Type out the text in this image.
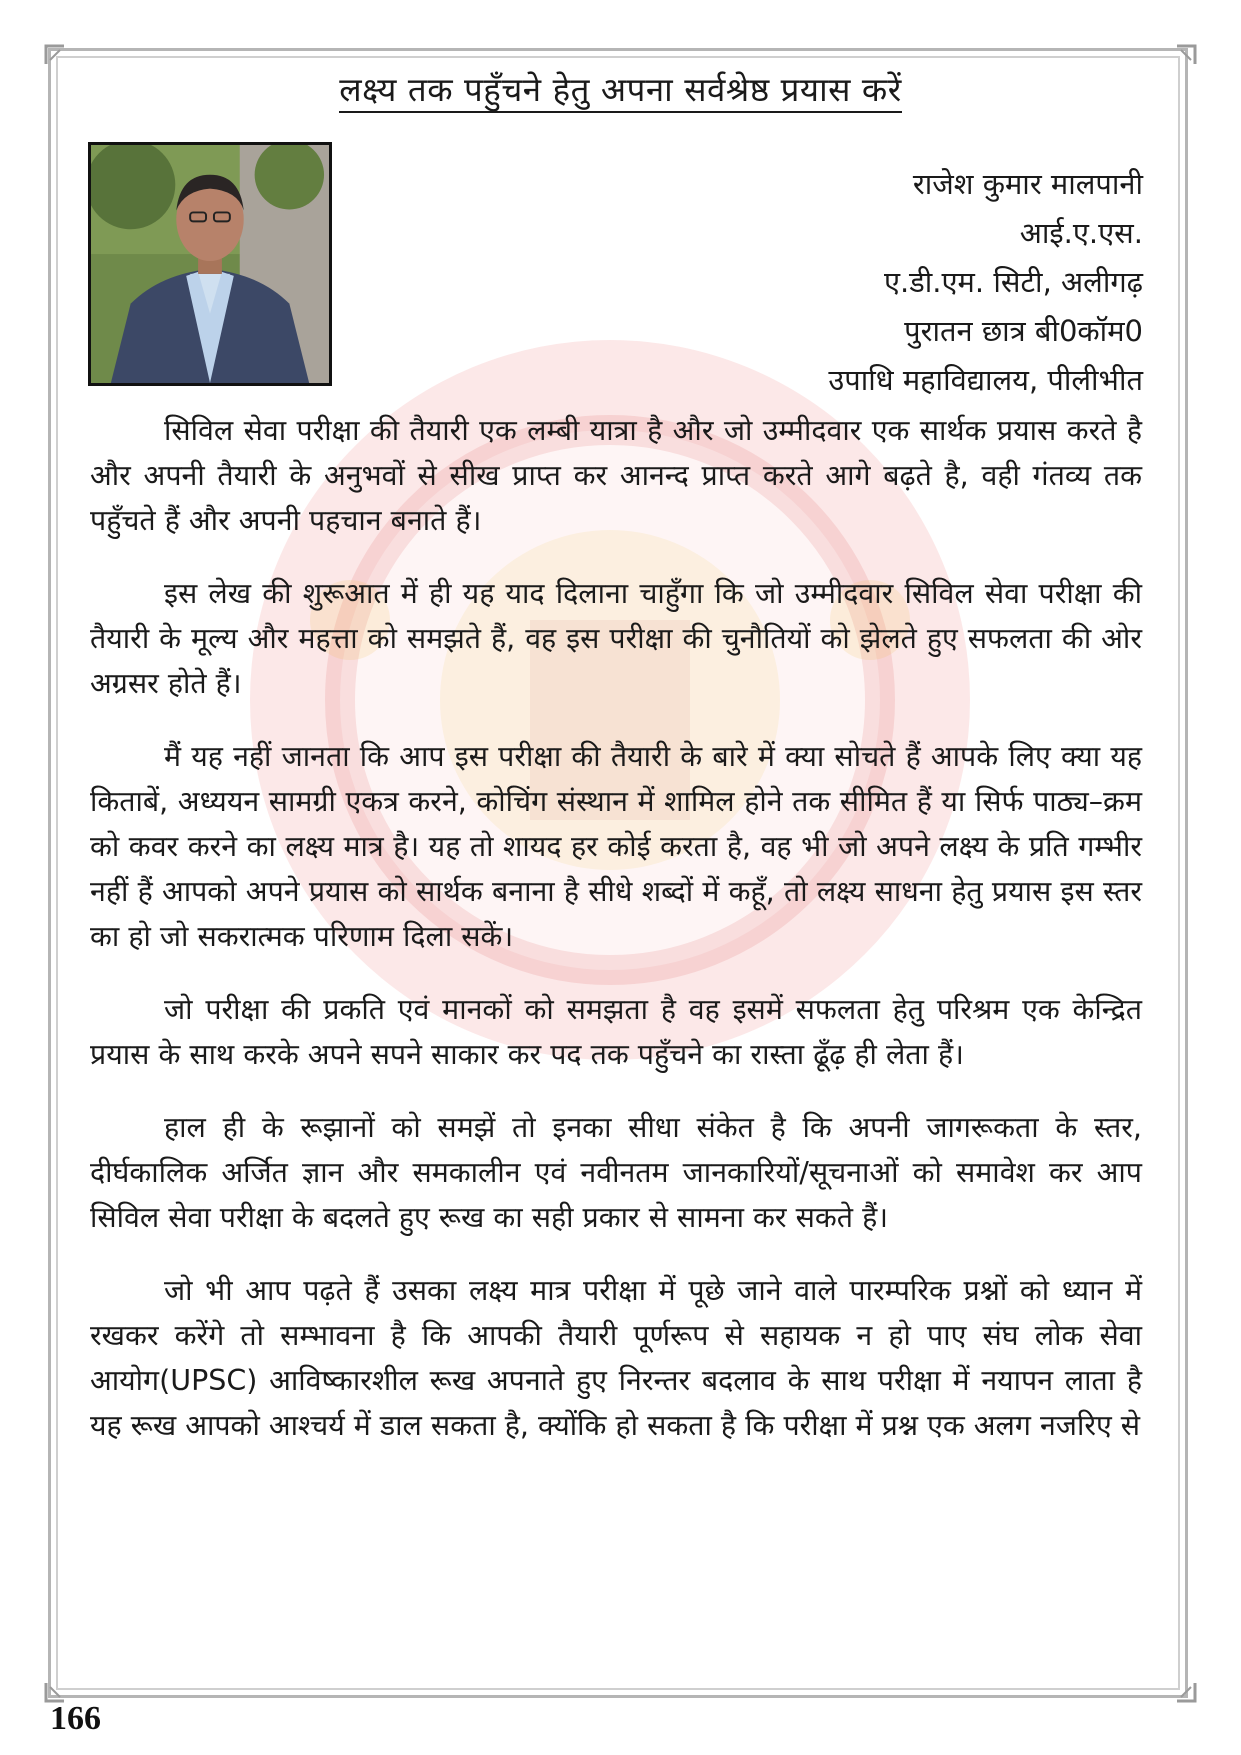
लक्ष्य तक पहुँचने हेतु अपना सर्वश्रेष्ठ प्रयास करें
राजेश कुमार मालपानी
आई.ए.एस.
ए.डी.एम. सिटी, अलीगढ़
पुरातन छात्र बी0कॉम0
उपाधि महाविद्यालय, पीलीभीत

सिविल सेवा परीक्षा की तैयारी एक लम्बी यात्रा है और जो उम्मीदवार एक सार्थक प्रयास करते है और अपनी तैयारी के अनुभवों से सीख प्राप्त कर आनन्द प्राप्त करते आगे बढ़ते है, वही गंतव्य तक पहुँचते हैं और अपनी पहचान बनाते हैं।

इस लेख की शुरूआत में ही यह याद दिलाना चाहुँगा कि जो उम्मीदवार सिविल सेवा परीक्षा की तैयारी के मूल्य और महत्ता को समझते हैं, वह इस परीक्षा की चुनौतियों को झेलते हुए सफलता की ओर अग्रसर होते हैं।

मैं यह नहीं जानता कि आप इस परीक्षा की तैयारी के बारे में क्या सोचते हैं आपके लिए क्या यह किताबें, अध्ययन सामग्री एकत्र करने, कोचिंग संस्थान में शामिल होने तक सीमित हैं या सिर्फ पाठ्य–क्रम को कवर करने का लक्ष्य मात्र है। यह तो शायद हर कोई करता है, वह भी जो अपने लक्ष्य के प्रति गम्भीर नहीं हैं आपको अपने प्रयास को सार्थक बनाना है सीधे शब्दों में कहूँ, तो लक्ष्य साधना हेतु प्रयास इस स्तर का हो जो सकरात्मक परिणाम दिला सकें।

जो परीक्षा की प्रकति एवं मानकों को समझता है वह इसमें सफलता हेतु परिश्रम एक केन्द्रित प्रयास के साथ करके अपने सपने साकार कर पद तक पहुँचने का रास्ता ढूँढ़ ही लेता हैं।

हाल ही के रूझानों को समझें तो इनका सीधा संकेत है कि अपनी जागरूकता के स्तर, दीर्घकालिक अर्जित ज्ञान और समकालीन एवं नवीनतम जानकारियों/सूचनाओं को समावेश कर आप सिविल सेवा परीक्षा के बदलते हुए रूख का सही प्रकार से सामना कर सकते हैं।

जो भी आप पढ़ते हैं उसका लक्ष्य मात्र परीक्षा में पूछे जाने वाले पारम्परिक प्रश्नों को ध्यान में रखकर करेंगे तो सम्भावना है कि आपकी तैयारी पूर्णरूप से सहायक न हो पाए संघ लोक सेवा आयोग(UPSC) आविष्कारशील रूख अपनाते हुए निरन्तर बदलाव के साथ परीक्षा में नयापन लाता है यह रूख आपको आश्चर्य में डाल सकता है, क्योंकि हो सकता है कि परीक्षा में प्रश्न एक अलग नजरिए से

166
